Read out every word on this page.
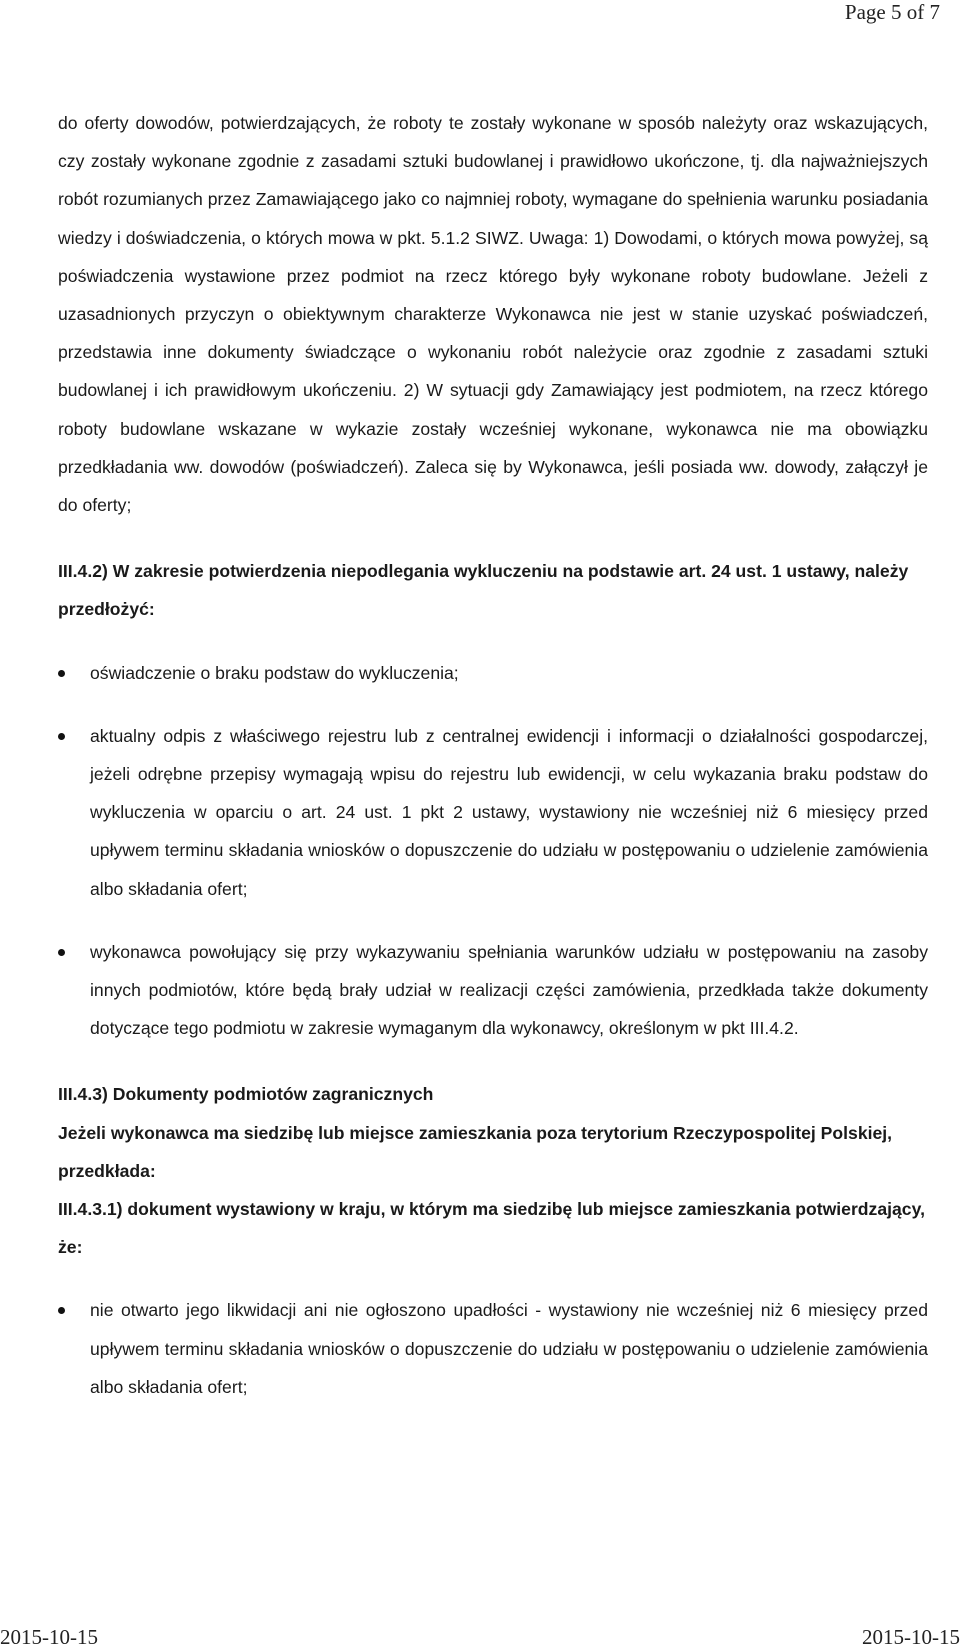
Page 5 of 7

do oferty dowodów, potwierdzających, że roboty te zostały wykonane w sposób należyty oraz wskazujących, czy zostały wykonane zgodnie z zasadami sztuki budowlanej i prawidłowo ukończone, tj. dla najważniejszych robót rozumianych przez Zamawiającego jako co najmniej roboty, wymagane do spełnienia warunku posiadania wiedzy i doświadczenia, o których mowa w pkt. 5.1.2 SIWZ. Uwaga: 1) Dowodami, o których mowa powyżej, są poświadczenia wystawione przez podmiot na rzecz którego były wykonane roboty budowlane. Jeżeli z uzasadnionych przyczyn o obiektywnym charakterze Wykonawca nie jest w stanie uzyskać poświadczeń, przedstawia inne dokumenty świadczące o wykonaniu robót należycie oraz zgodnie z zasadami sztuki budowlanej i ich prawidłowym ukończeniu. 2) W sytuacji gdy Zamawiający jest podmiotem, na rzecz którego roboty budowlane wskazane w wykazie zostały wcześniej wykonane, wykonawca nie ma obowiązku przedkładania ww. dowodów (poświadczeń). Zaleca się by Wykonawca, jeśli posiada ww. dowody, załączył je do oferty;

III.4.2) W zakresie potwierdzenia niepodlegania wykluczeniu na podstawie art. 24 ust. 1 ustawy, należy przedłożyć:

oświadczenie o braku podstaw do wykluczenia;
aktualny odpis z właściwego rejestru lub z centralnej ewidencji i informacji o działalności gospodarczej, jeżeli odrębne przepisy wymagają wpisu do rejestru lub ewidencji, w celu wykazania braku podstaw do wykluczenia w oparciu o art. 24 ust. 1 pkt 2 ustawy, wystawiony nie wcześniej niż 6 miesięcy przed upływem terminu składania wniosków o dopuszczenie do udziału w postępowaniu o udzielenie zamówienia albo składania ofert;
wykonawca powołujący się przy wykazywaniu spełniania warunków udziału w postępowaniu na zasoby innych podmiotów, które będą brały udział w realizacji części zamówienia, przedkłada także dokumenty dotyczące tego podmiotu w zakresie wymaganym dla wykonawcy, określonym w pkt III.4.2.

III.4.3) Dokumenty podmiotów zagranicznych

Jeżeli wykonawca ma siedzibę lub miejsce zamieszkania poza terytorium Rzeczypospolitej Polskiej, przedkłada:

III.4.3.1) dokument wystawiony w kraju, w którym ma siedzibę lub miejsce zamieszkania potwierdzający, że:

nie otwarto jego likwidacji ani nie ogłoszono upadłości - wystawiony nie wcześniej niż 6 miesięcy przed upływem terminu składania wniosków o dopuszczenie do udziału w postępowaniu o udzielenie zamówienia albo składania ofert;
2015-10-15	2015-10-15
